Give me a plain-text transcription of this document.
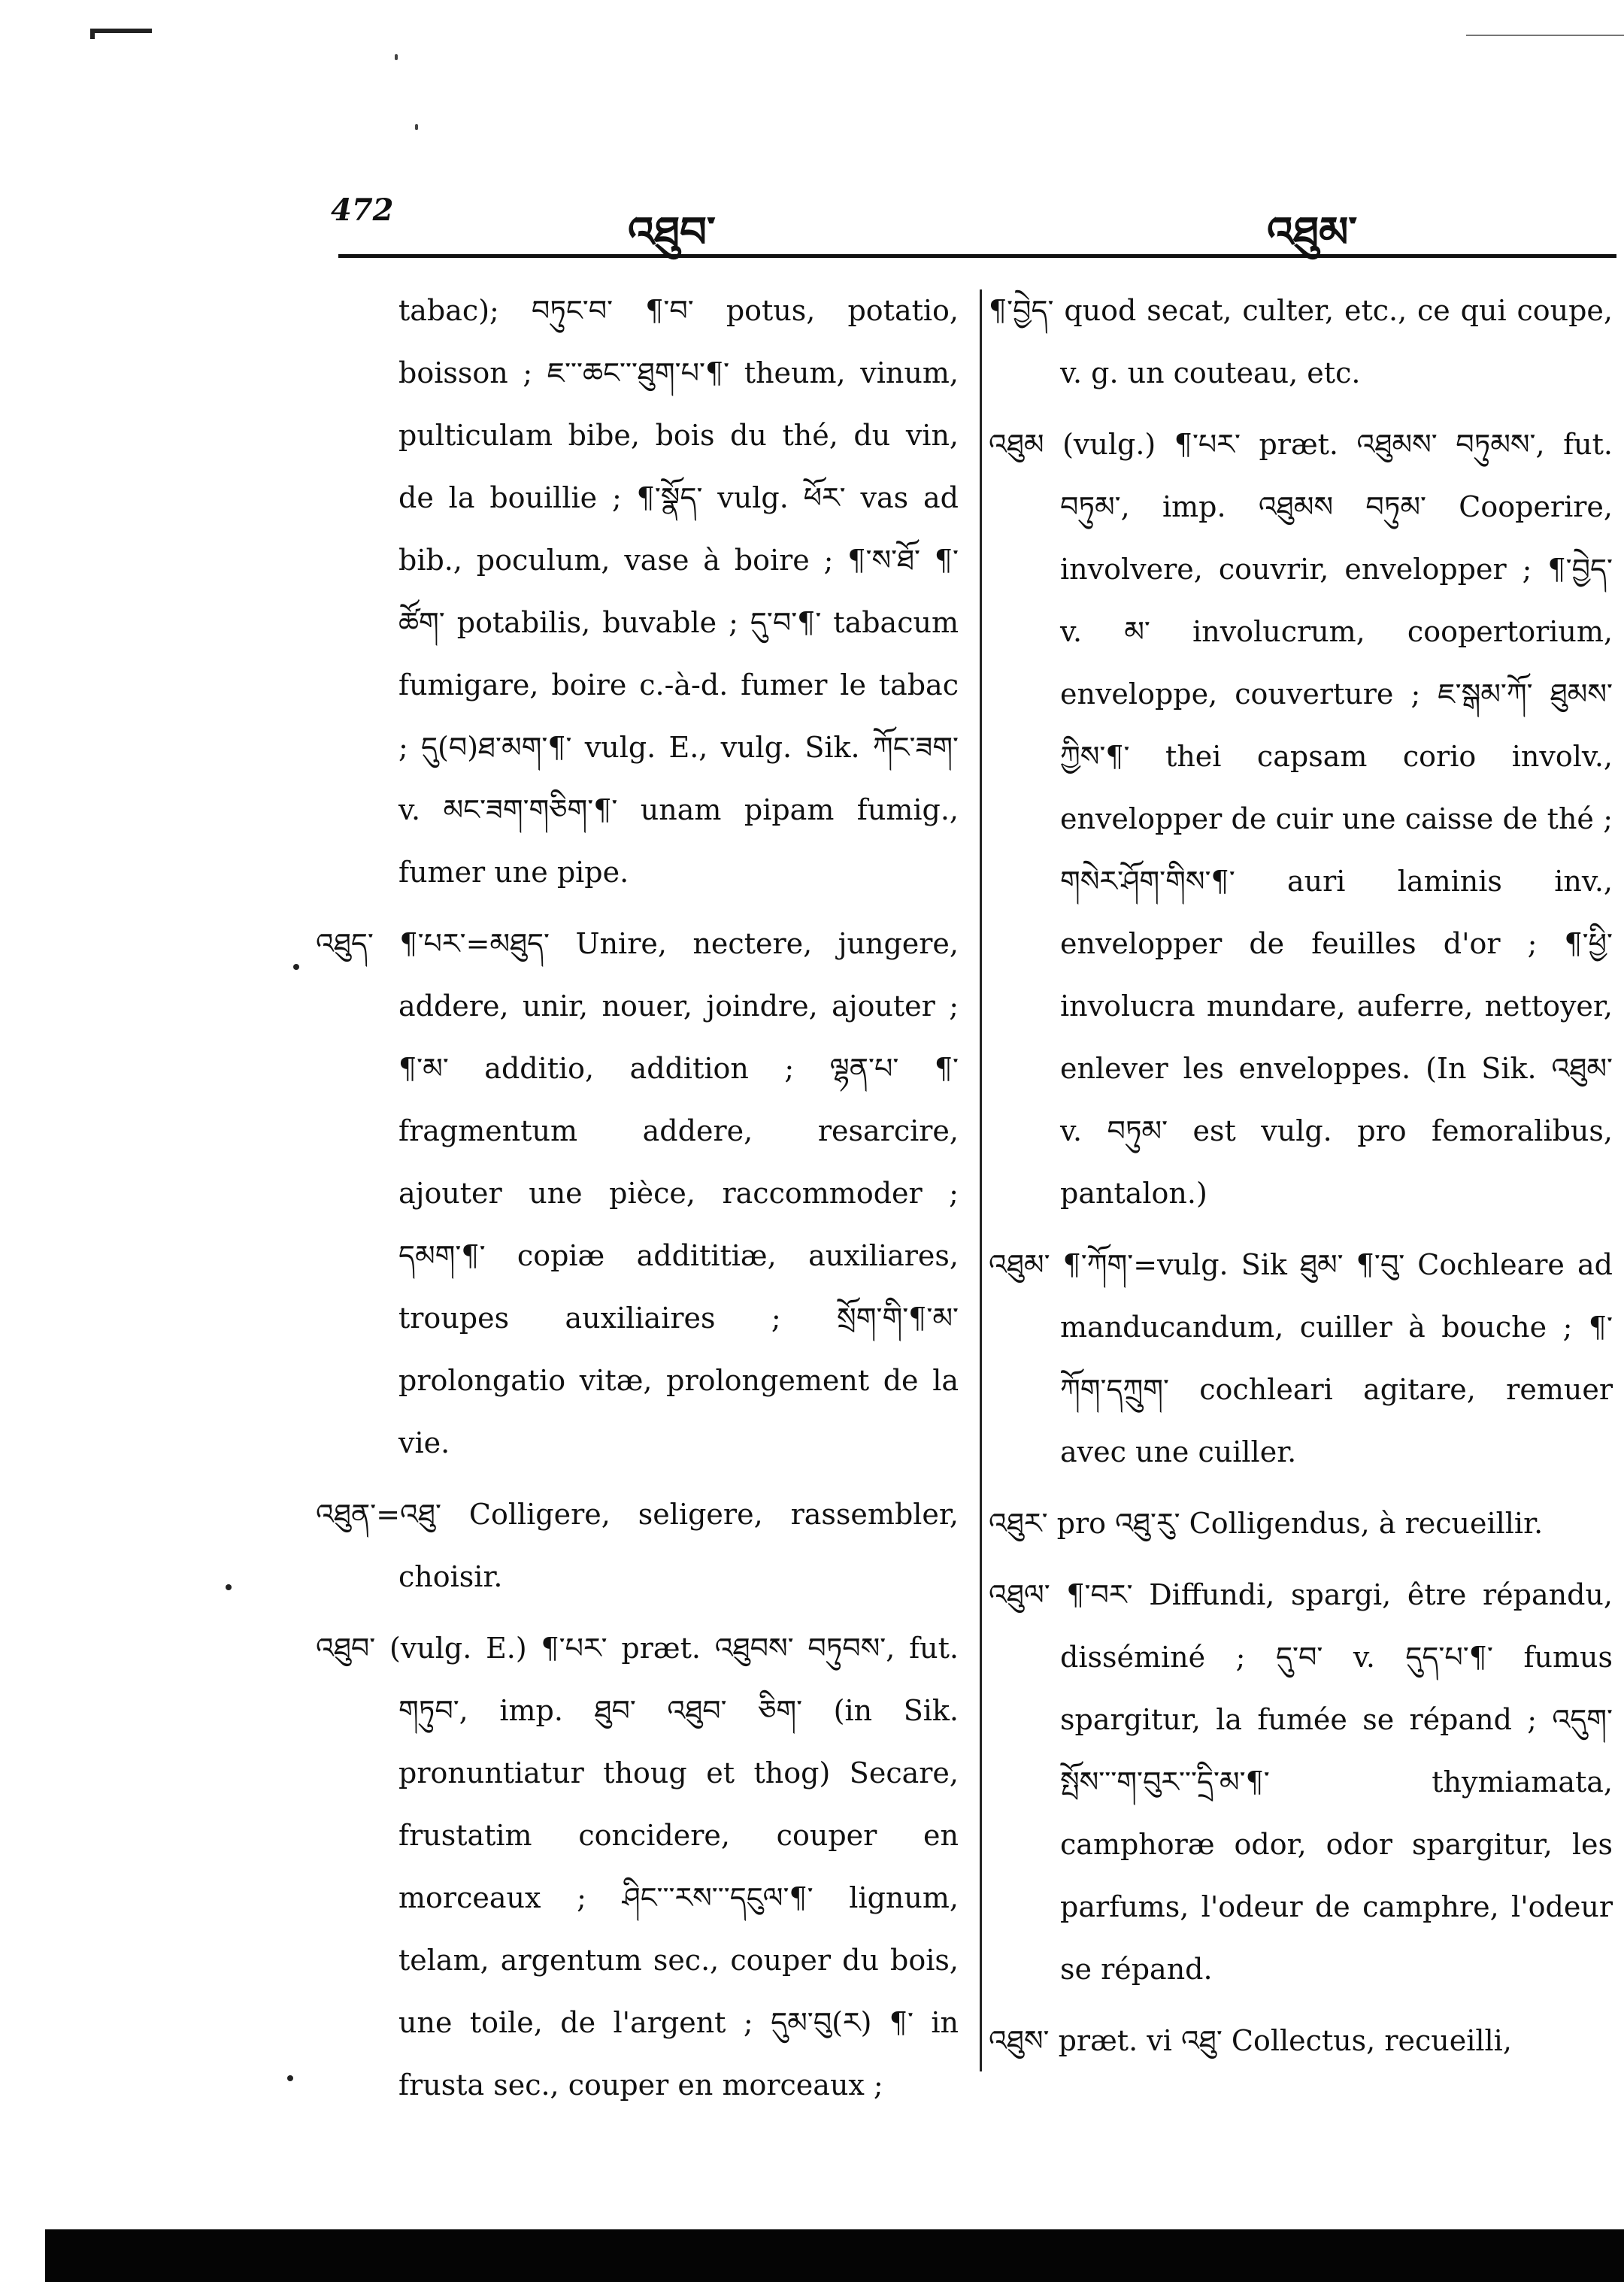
472	འཐུབ་	འཐུམ་

tabac); བཏུང་བ་ ¶་བ་ potus, potatio, boisson ; ཇ་་་ཆང་་་ཐུག་པ་¶་ theum, vinum, pulticulam bibe, bois du thé, du vin, de la bouillie ; ¶་སྣོད་ vulg. ཕོར་ vas ad bib., poculum, vase à boire ; ¶་ས་ཐོ་ ¶་ཚོག་ potabilis, buvable ; དུ་བ་¶་ tabacum fumigare, boire c.-à-d. fumer le tabac ; དུ(བ)ཐ་མག་¶་ vulg. E., vulg. Sik. ཀོང་ཟག་ v. མང་ཟག་གཅིག་¶་ unam pipam fumig., fumer une pipe.

འཐུད་ ¶་པར་=མཐུད་ Unire, nectere, jungere, addere, unir, nouer, joindre, ajouter ; ¶་མ་ additio, addition ; ལྷན་པ་ ¶་ fragmentum addere, resarcire, ajouter une pièce, raccommoder ; དམག་¶་ copiæ addititiæ, auxiliares, troupes auxiliaires ; སྲོག་གི་¶་མ་ prolongatio vitæ, prolongement de la vie.

འཐུན་=འཐུ་ Colligere, seligere, rassembler, choisir.

འཐུབ་ (vulg. E.) ¶་པར་ præt. འཐུབས་ བཏུབས་, fut. གཏུབ་, imp. ཐུབ་ འཐུབ་ ཅིག་ (in Sik. pronuntiatur thoug et thog) Secare, frustatim concidere, couper en morceaux ; ཤིང་་་རས་་་དངུལ་¶་ lignum, telam, argentum sec., couper du bois, une toile, de l'argent ; དུམ་བུ(ར) ¶་ in frusta sec., couper en morceaux ;

¶་བྱེད་ quod secat, culter, etc., ce qui coupe, v. g. un couteau, etc.

འཐུམ (vulg.) ¶་པར་ præt. འཐུམས་ བཏུམས་, fut. བཏུམ་, imp. འཐུམས བཏུམ་ Cooperire, involvere, couvrir, envelopper ; ¶་བྱེད་ v. མ་ involucrum, coopertorium, enveloppe, couverture ; ཇ་སྒམ་ཀོ་ ཐུམས་ཀྱིས་¶་ thei capsam corio involv., envelopper de cuir une caisse de thé ; གསེར་ཤོག་གིས་¶་ auri laminis inv., envelopper de feuilles d'or ; ¶་ཕྱི་ involucra mundare, auferre, nettoyer, enlever les enveloppes. (In Sik. འཐུམ་ v. བཏུམ་ est vulg. pro femoralibus, pantalon.)

འཐུམ་ ¶་ཀོག་=vulg. Sik ཐུམ་ ¶་བུ་ Cochleare ad manducandum, cuiller à bouche ; ¶་ཀོག་དཀྲུག་ cochleari agitare, remuer avec une cuiller.

འཐུར་ pro འཐུ་རུ་ Colligendus, à recueillir.

འཐུལ་ ¶་བར་ Diffundi, spargi, être répandu, disséminé ; དུ་བ་ v. དུད་པ་¶་ fumus spargitur, la fumée se répand ; འདུག་སྤོས་་་ག་བུར་་་དྲི་མ་¶་ thymiamata, camphoræ odor, odor spargitur, les parfums, l'odeur de camphre, l'odeur se répand.

འཐུས་ præt. vi འཐུ་ Collectus, recueilli,
